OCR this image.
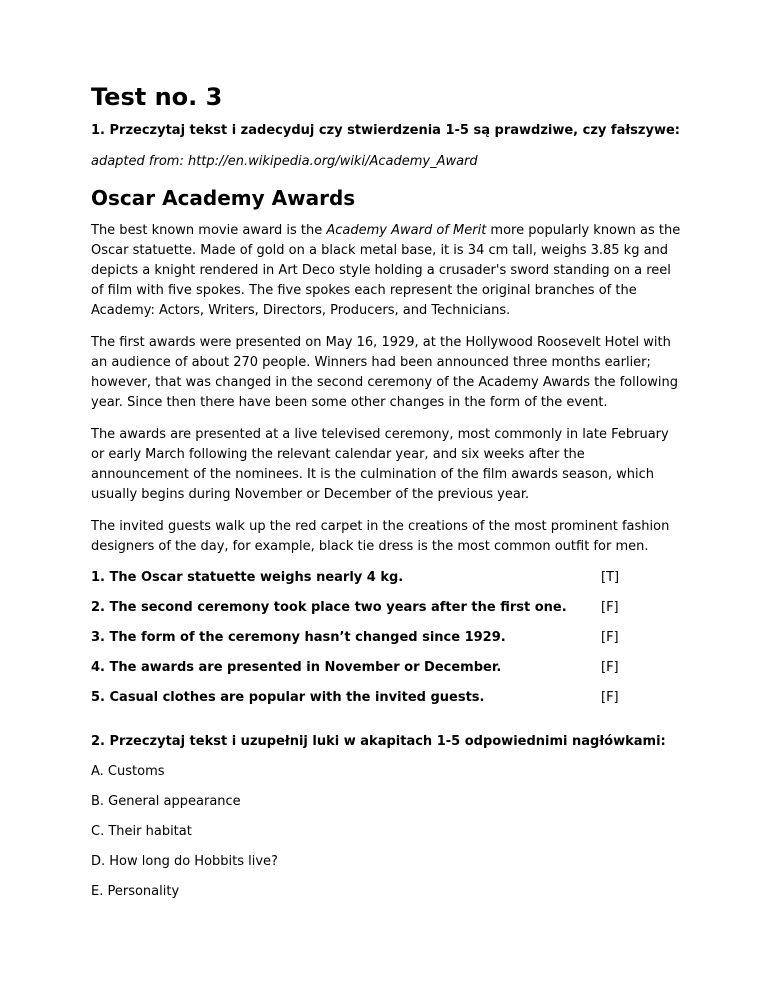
Test no. 3
1. Przeczytaj tekst i zadecyduj czy stwierdzenia 1-5 są prawdziwe, czy fałszywe:
adapted from: http://en.wikipedia.org/wiki/Academy_Award
Oscar Academy Awards

The best known movie award is the Academy Award of Merit more popularly known as the Oscar statuette. Made of gold on a black metal base, it is 34 cm tall, weighs 3.85 kg and depicts a knight rendered in Art Deco style holding a crusader's sword standing on a reel of film with five spokes. The five spokes each represent the original branches of the Academy: Actors, Writers, Directors, Producers, and Technicians.

The first awards were presented on May 16, 1929, at the Hollywood Roosevelt Hotel with an audience of about 270 people. Winners had been announced three months earlier; however, that was changed in the second ceremony of the Academy Awards the following year. Since then there have been some other changes in the form of the event.

The awards are presented at a live televised ceremony, most commonly in late February or early March following the relevant calendar year, and six weeks after the announcement of the nominees. It is the culmination of the film awards season, which usually begins during November or December of the previous year.

The invited guests walk up the red carpet in the creations of the most prominent fashion designers of the day, for example, black tie dress is the most common outfit for men.

1. The Oscar statuette weighs nearly 4 kg.	[T]
2. The second ceremony took place two years after the first one.	[F]
3. The form of the ceremony hasn’t changed since 1929.	[F]
4. The awards are presented in November or December.	[F]
5. Casual clothes are popular with the invited guests.	[F]
2. Przeczytaj tekst i uzupełnij luki w akapitach 1-5 odpowiednimi nagłówkami:
A. Customs
B. General appearance
C. Their habitat
D. How long do Hobbits live?
E. Personality
